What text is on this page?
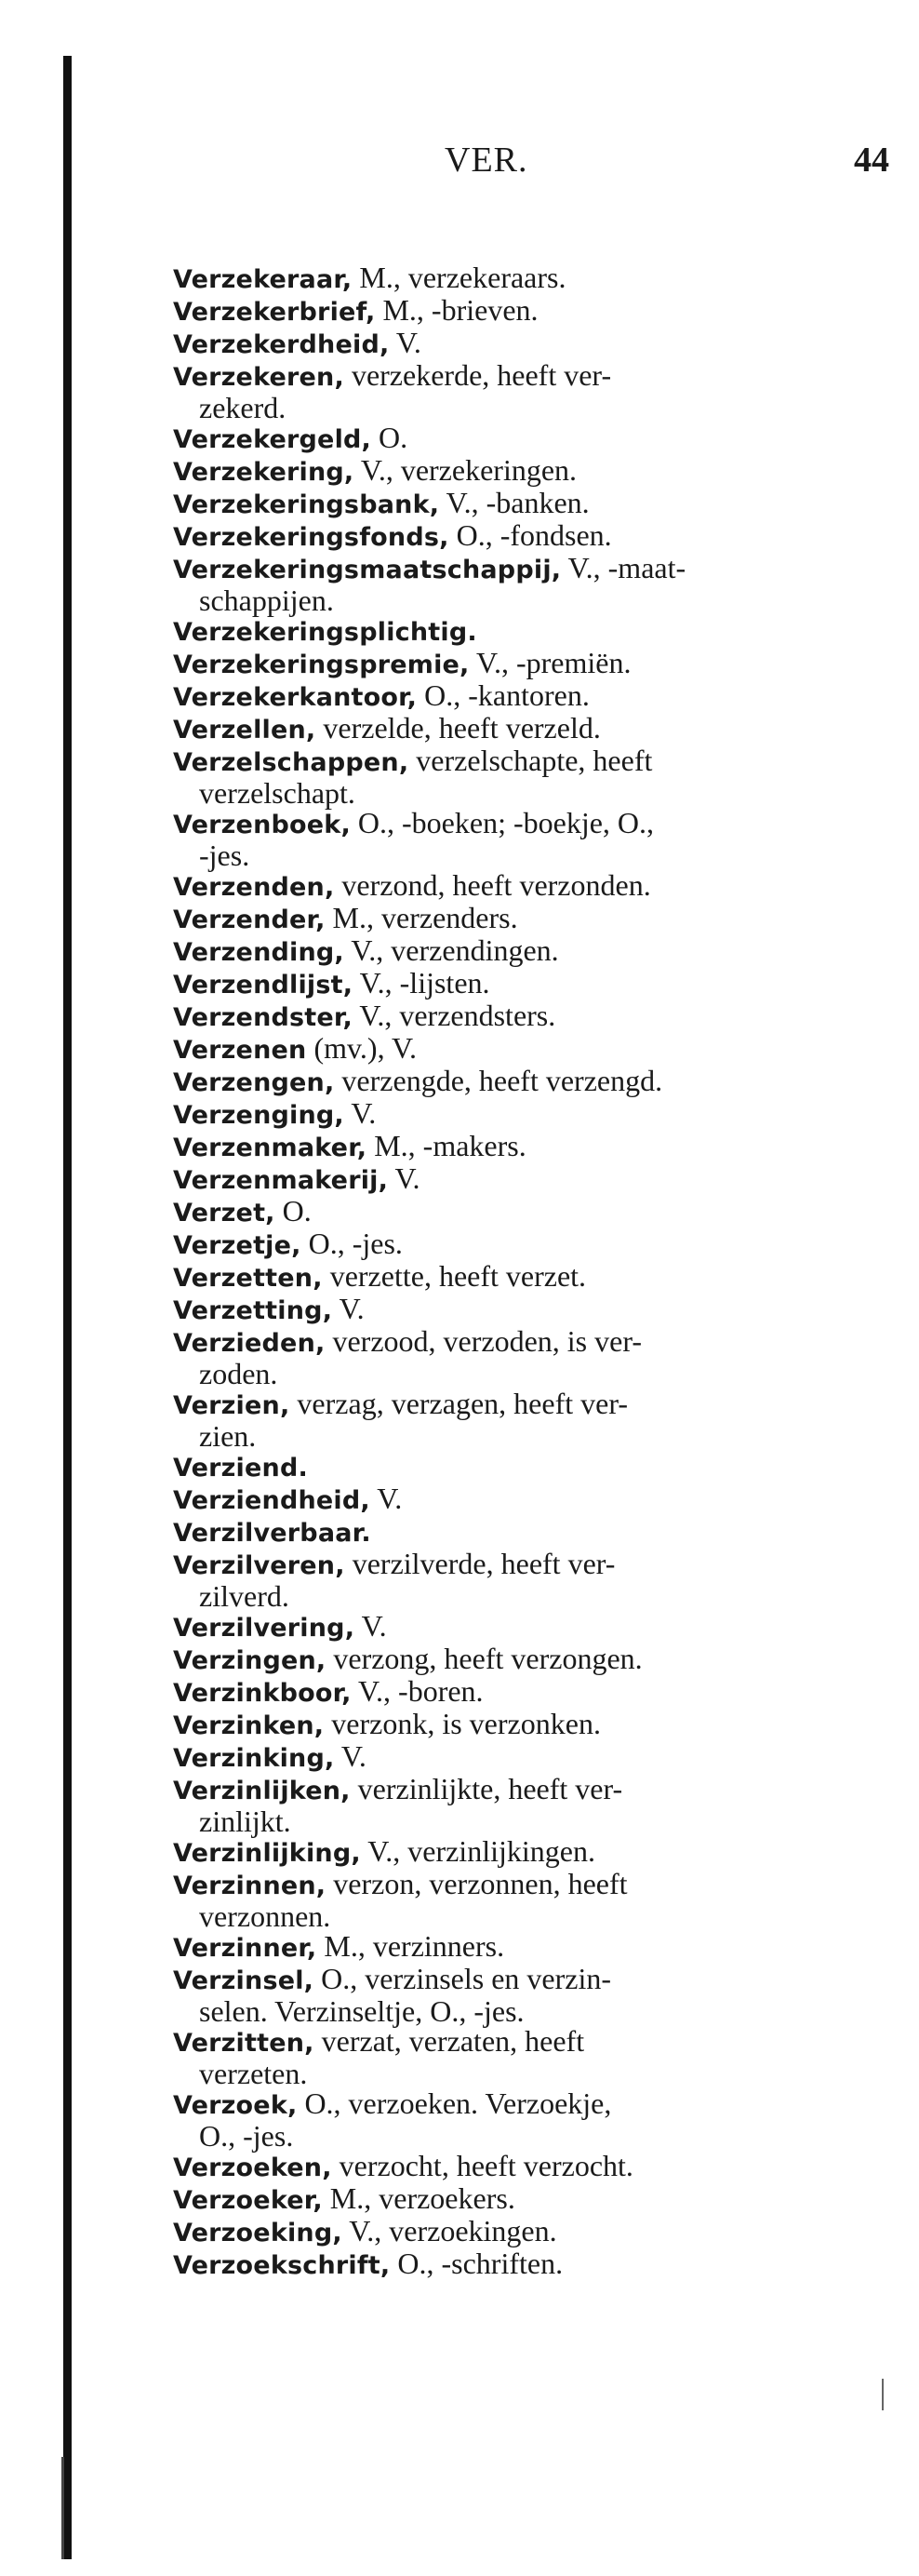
VER.	44
Verzekeraar, M., verzekeraars.
Verzekerbrief, M., -brieven.
Verzekerdheid, V.
Verzekeren, verzekerde, heeft ver-
zekerd.
Verzekergeld, O.
Verzekering, V., verzekeringen.
Verzekeringsbank, V., -banken.
Verzekeringsfonds, O., -fondsen.
Verzekeringsmaatschappij, V., -maat-
schappijen.
Verzekeringsplichtig.
Verzekeringspremie, V., -premiën.
Verzekerkantoor, O., -kantoren.
Verzellen, verzelde, heeft verzeld.
Verzelschappen, verzelschapte, heeft
verzelschapt.
Verzenboek, O., -boeken; -boekje, O.,
-jes.
Verzenden, verzond, heeft verzonden.
Verzender, M., verzenders.
Verzending, V., verzendingen.
Verzendlijst, V., -lijsten.
Verzendster, V., verzendsters.
Verzenen (mv.), V.
Verzengen, verzengde, heeft verzengd.
Verzenging, V.
Verzenmaker, M., -makers.
Verzenmakerij, V.
Verzet, O.
Verzetje, O., -jes.
Verzetten, verzette, heeft verzet.
Verzetting, V.
Verzieden, verzood, verzoden, is ver-
zoden.
Verzien, verzag, verzagen, heeft ver-
zien.
Verziend.
Verziendheid, V.
Verzilverbaar.
Verzilveren, verzilverde, heeft ver-
zilverd.
Verzilvering, V.
Verzingen, verzong, heeft verzongen.
Verzinkboor, V., -boren.
Verzinken, verzonk, is verzonken.
Verzinking, V.
Verzinlijken, verzinlijkte, heeft ver-
zinlijkt.
Verzinlijking, V., verzinlijkingen.
Verzinnen, verzon, verzonnen, heeft
verzonnen.
Verzinner, M., verzinners.
Verzinsel, O., verzinsels en verzin-
selen. Verzinseltje, O., -jes.
Verzitten, verzat, verzaten, heeft
verzeten.
Verzoek, O., verzoeken. Verzoekje,
O., -jes.
Verzoeken, verzocht, heeft verzocht.
Verzoeker, M., verzoekers.
Verzoeking, V., verzoekingen.
Verzoekschrift, O., -schriften.
